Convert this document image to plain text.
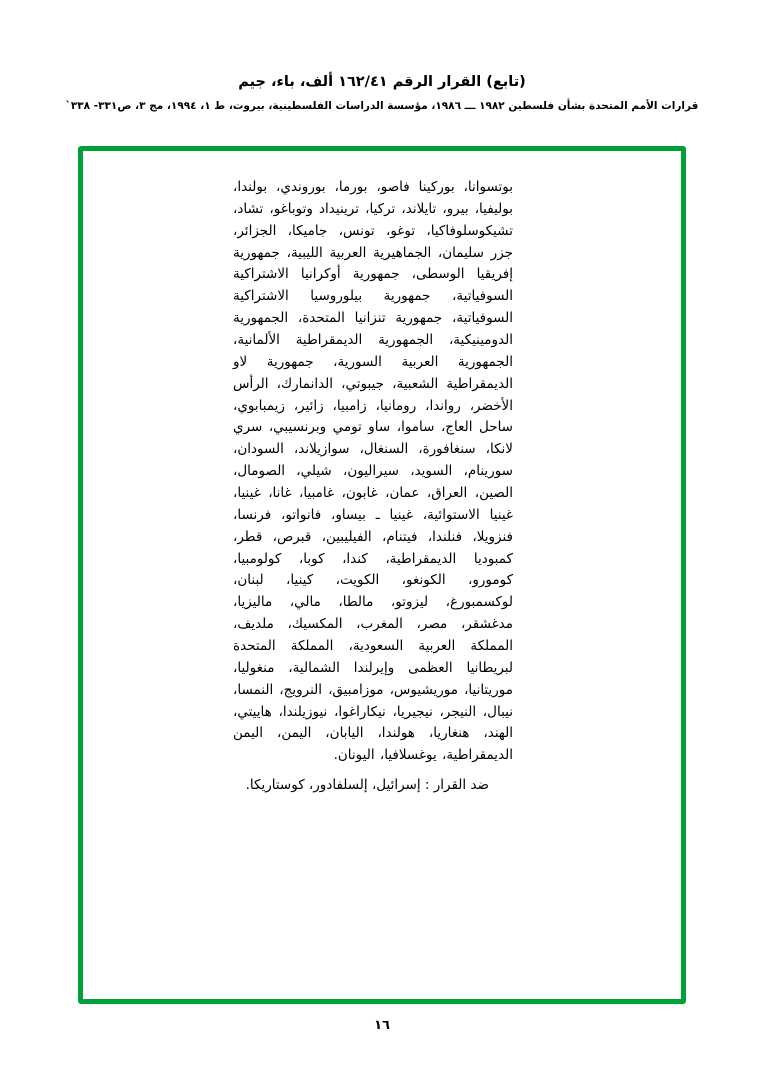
(تابع) القرار الرقم ١٦٢/٤١ ألف، باء، جيم
قرارات الأمم المتحدة بشأن فلسطين ١٩٨٢ ـــ ١٩٨٦، مؤسسة الدراسات الفلسطينية، بيروت، ط ١، ١٩٩٤، مج ٣، ص٣٣١- ٣٣٨`
بوتسوانا، بوركينا فاصو، بورما، بوروندي، بولندا، بوليفيا، بيرو، تايلاند، تركيا، ترينيداد وتوباغو، تشاد، تشيكوسلوفاكيا، توغو، تونس، جاميكا، الجزائر، جزر سليمان، الجماهيرية العربية الليبية، جمهورية إفريقيا الوسطى، جمهورية أوكرانيا الاشتراكية السوفياتية، جمهورية بيلوروسيا الاشتراكية السوفياتية، جمهورية تنزانيا المتحدة، الجمهورية الدومينيكية، الجمهورية الديمقراطية الألمانية، الجمهورية العربية السورية، جمهورية لاو الديمقراطية الشعبية، جيبوتي، الدانمارك، الرأس الأخضر، رواندا، رومانيا، زامبيا، زائير، زيمبابوي، ساحل العاج، ساموا، ساو تومي وبرنسيبي، سري لانكا، سنغافورة، السنغال، سوازيلاند، السودان، سورينام، السويد، سيراليون، شيلي، الصومال، الصين، العراق، عمان، غابون، غامبيا، غانا، غينيا، غينيا الاستوائية، غينيا ـ بيساو، فانواتو، فرنسا، فنزويلا، فنلندا، فيتنام، الفيليبين، قبرص، قطر، كمبوديا الديمقراطية، كندا، كوبا، كولومبيا، كومورو، الكونغو، الكويت، كينيا، لبنان، لوكسمبورغ، ليزوتو، مالطا، مالي، ماليزيا، مدغشقر، مصر، المغرب، المكسيك، ملديف، المملكة العربية السعودية، المملكة المتحدة لبريطانيا العظمى وإيرلندا الشمالية، منغوليا، موريتانيا، موريشيوس، موزامبيق، النرويج، النمسا، نيبال، النيجر، نيجيريا، نيكاراغوا، نيوزيلندا، هاييتي، الهند، هنغاريا، هولندا، اليابان، اليمن، اليمن الديمقراطية، يوغسلافيا، اليونان.
ضد القرار : إسرائيل، إلسلفادور، كوستاريكا.
١٦
